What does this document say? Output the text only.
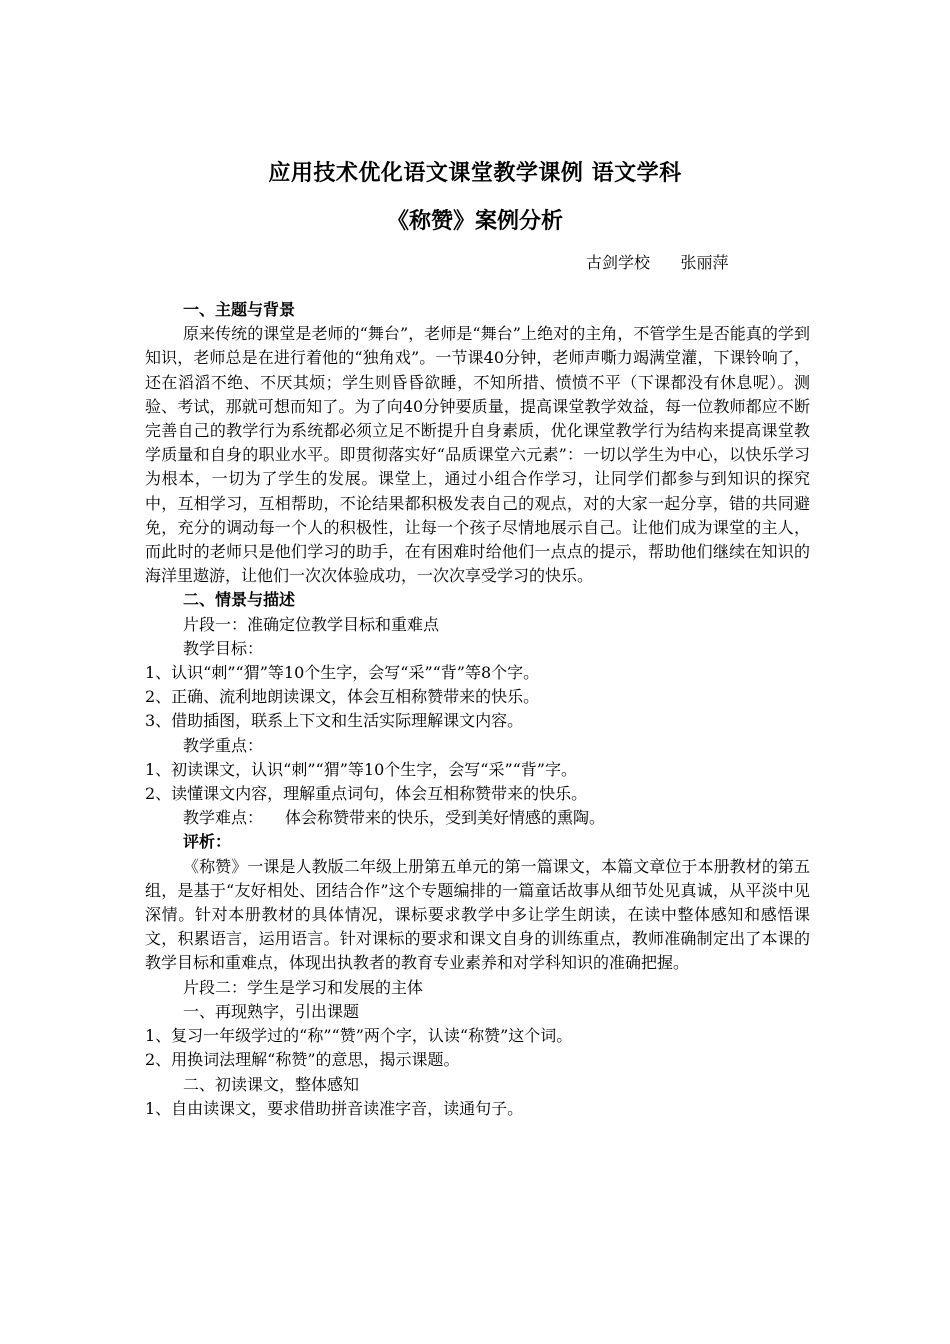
应用技术优化语文课堂教学课例 语文学科
《称赞》案例分析
古剑学校 张丽萍

一、主题与背景

原来传统的课堂是老师的“舞台”，老师是“舞台”上绝对的主角，不管学生是否能真的学到知识，老师总是在进行着他的“独角戏”。一节课40分钟，老师声嘶力竭满堂灌，下课铃响了，还在滔滔不绝、不厌其烦；学生则昏昏欲睡，不知所措、愤愤不平（下课都没有休息呢）。测验、考试，那就可想而知了。为了向40分钟要质量，提高课堂教学效益，每一位教师都应不断完善自己的教学行为系统都必须立足不断提升自身素质，优化课堂教学行为结构来提高课堂教学质量和自身的职业水平。即贯彻落实好“品质课堂六元素”：一切以学生为中心，以快乐学习为根本，一切为了学生的发展。课堂上，通过小组合作学习，让同学们都参与到知识的探究中，互相学习，互相帮助，不论结果都积极发表自己的观点，对的大家一起分享，错的共同避免，充分的调动每一个人的积极性，让每一个孩子尽情地展示自己。让他们成为课堂的主人，而此时的老师只是他们学习的助手，在有困难时给他们一点点的提示，帮助他们继续在知识的海洋里遨游，让他们一次次体验成功，一次次享受学习的快乐。

二、情景与描述

片段一：准确定位教学目标和重难点

教学目标：

1、认识“刺”“猬”等10个生字，会写“采”“背”等8个字。

2、正确、流利地朗读课文，体会互相称赞带来的快乐。

3、借助插图，联系上下文和生活实际理解课文内容。

教学重点：

1、初读课文，认识“刺”“猬”等10个生字，会写“采”“背”字。

2、读懂课文内容，理解重点词句，体会互相称赞带来的快乐。

教学难点： 体会称赞带来的快乐，受到美好情感的熏陶。

评析：

《称赞》一课是人教版二年级上册第五单元的第一篇课文，本篇文章位于本册教材的第五组，是基于“友好相处、团结合作”这个专题编排的一篇童话故事从细节处见真诚，从平淡中见深情。针对本册教材的具体情况，课标要求教学中多让学生朗读，在读中整体感知和感悟课文，积累语言，运用语言。针对课标的要求和课文自身的训练重点，教师准确制定出了本课的教学目标和重难点，体现出执教者的教育专业素养和对学科知识的准确把握。

片段二：学生是学习和发展的主体

一、再现熟字，引出课题

1、复习一年级学过的“称”“赞”两个字，认读“称赞”这个词。

2、用换词法理解“称赞”的意思，揭示课题。

二、初读课文，整体感知

1、自由读课文，要求借助拼音读准字音，读通句子。
